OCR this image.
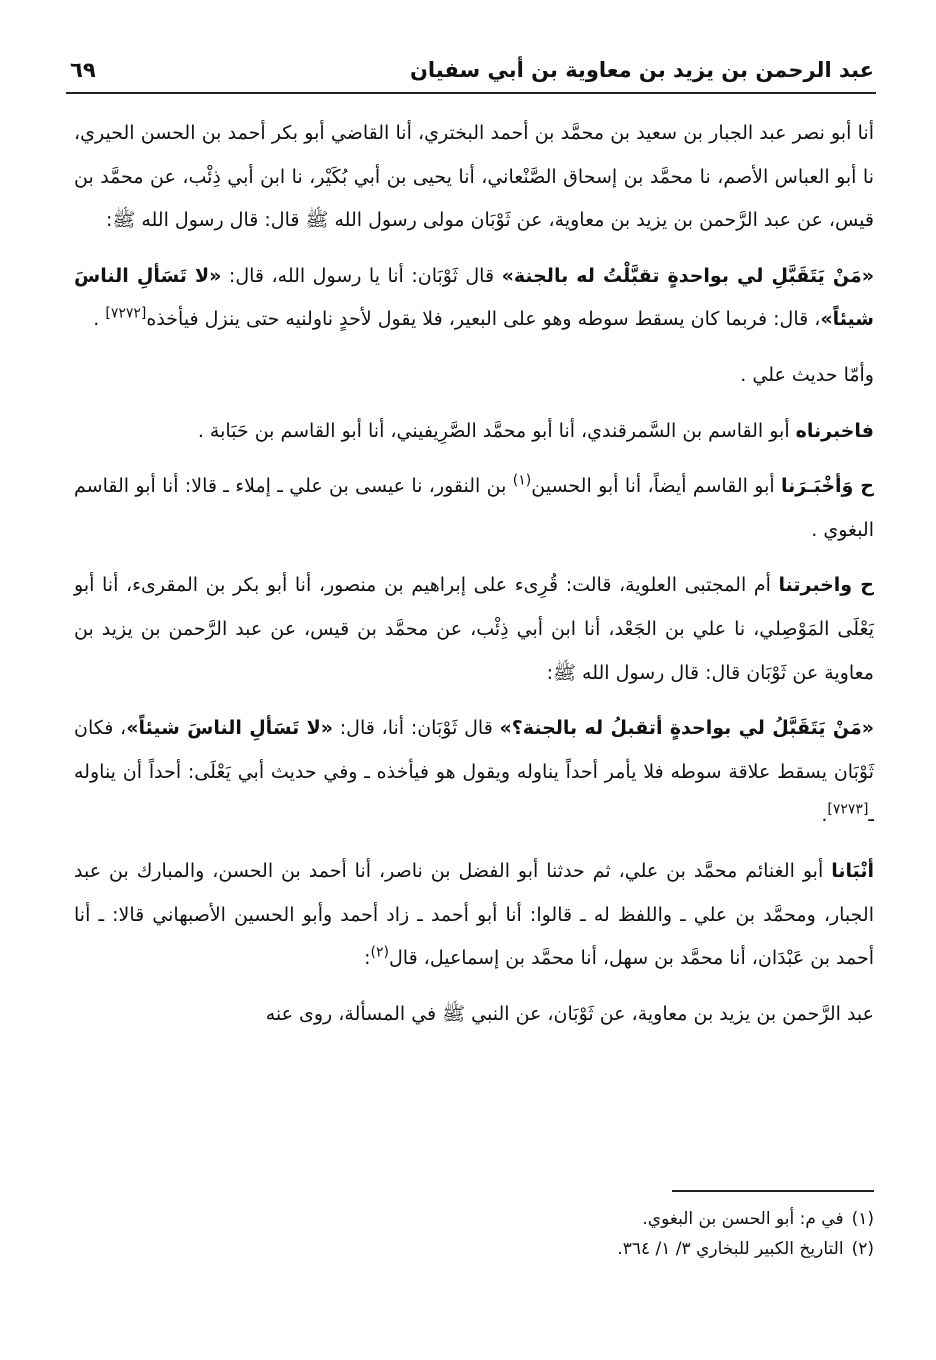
عبد الرحمن بن يزيد بن معاوية بن أبي سفيان
٦٩

أنا أبو نصر عبد الجبار بن سعيد بن محمَّد بن أحمد البختري، أنا القاضي أبو بكر أحمد بن الحسن الحيري، نا أبو العباس الأصم، نا محمَّد بن إسحاق الصَّنْعاني، أنا يحيى بن أبي بُكَيْر، نا ابن أبي ذِئْب، عن محمَّد بن قيس، عن عبد الرَّحمن بن يزيد بن معاوية، عن ثَوْبَان مولى رسول الله ﷺ قال: قال رسول الله ﷺ:

«مَنْ يَتَقَبَّلِ لي بواحدةٍ تقبَّلْتُ له بالجنة» قال ثَوْبَان: أنا يا رسول الله، قال: «لا تَسَألِ الناسَ شيئاً»، قال: فربما كان يسقط سوطه وهو على البعير، فلا يقول لأحدٍ ناولنيه حتى ينزل فيأخذه[٧٢٧٢] .

وأمّا حديث علي .

فاخبرناه أبو القاسم بن السَّمرقندي، أنا أبو محمَّد الصَّرِيفيني، أنا أبو القاسم بن حَبَابة .

ح وَأخْبَـرَنا أبو القاسم أيضاً، أنا أبو الحسين$^{(١)}$ بن النقور، نا عيسى بن علي ـ إملاء ـ قالا: أنا أبو القاسم البغوي .

ح واخبرتنا أم المجتبى العلوية، قالت: قُرِىء على إبراهيم بن منصور، أنا أبو بكر بن المقرىء، أنا أبو يَعْلَى المَوْصِلي، نا علي بن الجَعْد، أنا ابن أبي ذِئْب، عن محمَّد بن قيس، عن عبد الرَّحمن بن يزيد بن معاوية عن ثَوْبَان قال: قال رسول الله ﷺ:

«مَنْ يَتَقَبَّلُ لي بواحدةٍ أتقبلُ له بالجنة؟» قال ثَوْبَان: أنا، قال: «لا تَسَألِ الناسَ شيئاً»، فكان ثَوْبَان يسقط علاقة سوطه فلا يأمر أحداً يناوله ويقول هو فيأخذه ـ وفي حديث أبي يَعْلَى: أحداً أن يناوله ـ[٧٢٧٣].

أنْبَانا أبو الغنائم محمَّد بن علي، ثم حدثنا أبو الفضل بن ناصر، أنا أحمد بن الحسن، والمبارك بن عبد الجبار، ومحمَّد بن علي ـ واللفظ له ـ قالوا: أنا أبو أحمد ـ زاد أحمد وأبو الحسين الأصبهاني قالا: ـ أنا أحمد بن عَبْدَان، أنا محمَّد بن سهل، أنا محمَّد بن إسماعيل، قال$^{(٢)}$:

عبد الرَّحمن بن يزيد بن معاوية، عن ثَوْبَان، عن النبي ﷺ في المسألة، روى عنه

(١)
في م: أبو الحسن بن البغوي.
(٢)
التاريخ الكبير للبخاري ٣/ ١/ ٣٦٤.
